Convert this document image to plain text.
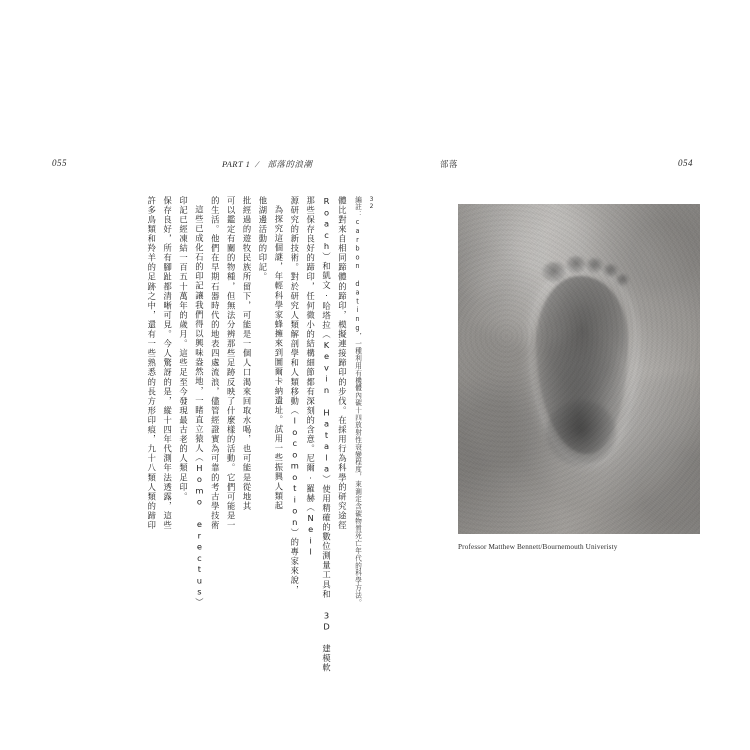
055	PART 1 / 部落的浪潮	部落	054
許多鳥類和羚羊的足跡之中，還有一些熟悉的長方形印痕，九十八類人類的蹄印 保存良好，所有腳趾都清晰可見。今人驚訝的是，縱十四年代測年法透露，這些 印記已經凍結一百五十萬年的歲月。這些足至今發現最古老的人類足印。 這些已成化石的印記讓我們得以興味盎然地，一睹直立猿人（Homo erectus） 的生活。他們在早期石器時代的地表四處流浪，儘管經證實為可靠的考古學技術 可以鑑定有關的物種，但無法分辨那些足跡反映了什麼樣的活動。它們可能是一 批經過的遊牧民族所留下，可能是一個人口渴來回取水喝，也可能是從地其 他湖邊活動的印記。 為探究這個謎，年輕科學家蜂擁來到圖爾卡納遺址。試用一些振興人類起 源研究的新技術。對於研究人類解剖學和人類移動（locomotion）的專家來說， 那些保存良好的蹄印，任何微小的結構細節都有深刻的含意。尼爾‧羅赫（Neil Roach）和凱文‧哈塔拉（Kevin Hatala）使用精確的數位測量工具和 3D 建模軟 體比對來自相同蹄體的蹄印，模擬連接蹄印的步伐。在採用行為科學的研究途徑 編註：carbon dating，一種利用有機體內碳十四放射性衰變程度，來測定含碳物質死亡年代的科學方法。 32
Professor Matthew Bennett/Bournemouth Univeristy
